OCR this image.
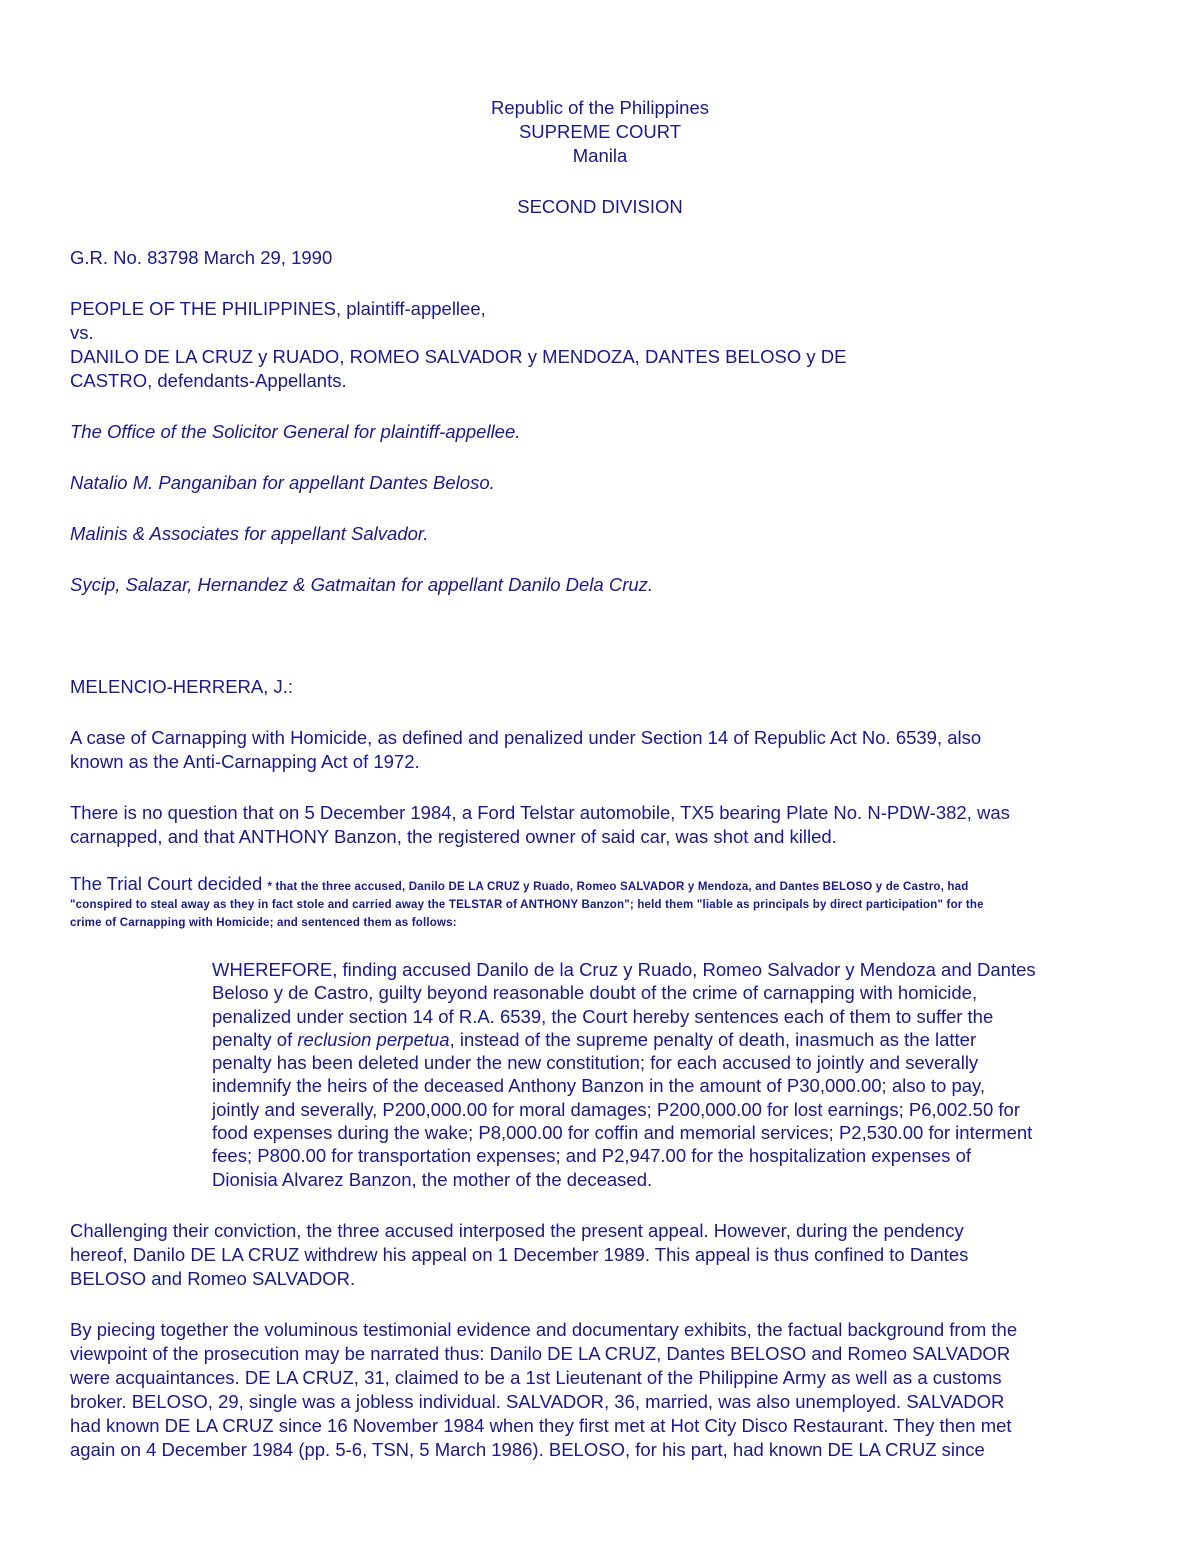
Republic of the Philippines
SUPREME COURT
Manila
SECOND DIVISION

G.R. No. 83798 March 29, 1990

PEOPLE OF THE PHILIPPINES, plaintiff-appellee,
vs.
DANILO DE LA CRUZ y RUADO, ROMEO SALVADOR y MENDOZA, DANTES BELOSO y DE
CASTRO, defendants-Appellants.

The Office of the Solicitor General for plaintiff-appellee.

Natalio M. Panganiban for appellant Dantes Beloso.

Malinis & Associates for appellant Salvador.

Sycip, Salazar, Hernandez & Gatmaitan for appellant Danilo Dela Cruz.

MELENCIO-HERRERA, J.:

A case of Carnapping with Homicide, as defined and penalized under Section 14 of Republic Act No. 6539, also
known as the Anti-Carnapping Act of 1972.
There is no question that on 5 December 1984, a Ford Telstar automobile, TX5 bearing Plate No. N-PDW-382, was
carnapped, and that ANTHONY Banzon, the registered owner of said car, was shot and killed.
The Trial Court decided * that the three accused, Danilo DE LA CRUZ y Ruado, Romeo SALVADOR y Mendoza, and Dantes BELOSO y de Castro, had
"conspired to steal away as they in fact stole and carried away the TELSTAR of ANTHONY Banzon"; held them "liable as principals by direct participation" for the
crime of Carnapping with Homicide; and sentenced them as follows:
WHEREFORE, finding accused Danilo de la Cruz y Ruado, Romeo Salvador y Mendoza and Dantes
Beloso y de Castro, guilty beyond reasonable doubt of the crime of carnapping with homicide,
penalized under section 14 of R.A. 6539, the Court hereby sentences each of them to suffer the
penalty of reclusion perpetua, instead of the supreme penalty of death, inasmuch as the latter
penalty has been deleted under the new constitution; for each accused to jointly and severally
indemnify the heirs of the deceased Anthony Banzon in the amount of P30,000.00; also to pay,
jointly and severally, P200,000.00 for moral damages; P200,000.00 for lost earnings; P6,002.50 for
food expenses during the wake; P8,000.00 for coffin and memorial services; P2,530.00 for interment
fees; P800.00 for transportation expenses; and P2,947.00 for the hospitalization expenses of
Dionisia Alvarez Banzon, the mother of the deceased.
Challenging their conviction, the three accused interposed the present appeal. However, during the pendency
hereof, Danilo DE LA CRUZ withdrew his appeal on 1 December 1989. This appeal is thus confined to Dantes
BELOSO and Romeo SALVADOR.
By piecing together the voluminous testimonial evidence and documentary exhibits, the factual background from the
viewpoint of the prosecution may be narrated thus: Danilo DE LA CRUZ, Dantes BELOSO and Romeo SALVADOR
were acquaintances. DE LA CRUZ, 31, claimed to be a 1st Lieutenant of the Philippine Army as well as a customs
broker. BELOSO, 29, single was a jobless individual. SALVADOR, 36, married, was also unemployed. SALVADOR
had known DE LA CRUZ since 16 November 1984 when they first met at Hot City Disco Restaurant. They then met
again on 4 December 1984 (pp. 5-6, TSN, 5 March 1986). BELOSO, for his part, had known DE LA CRUZ since
